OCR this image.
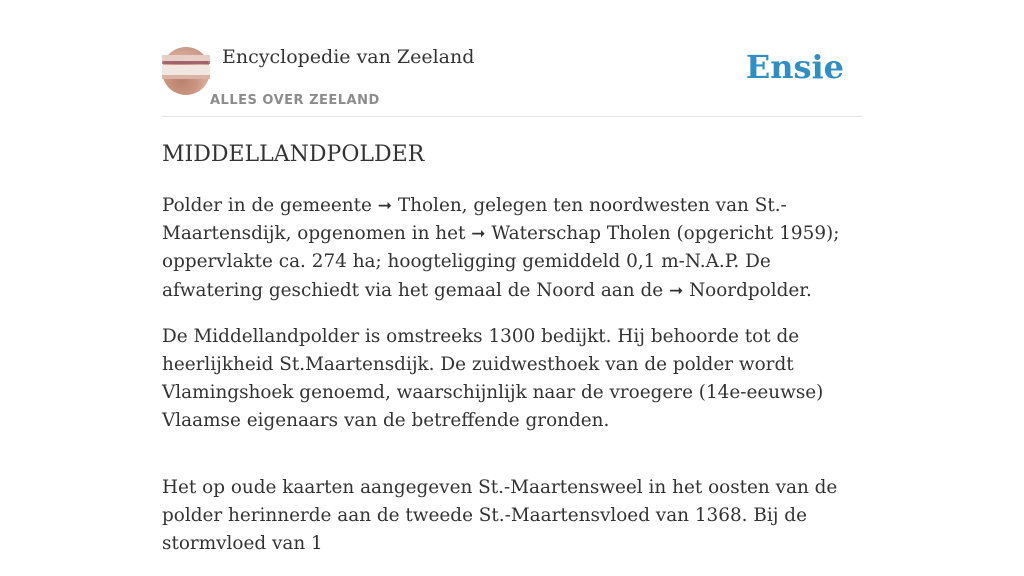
Encyclopedie van Zeeland
ALLES OVER ZEELAND
Ensie
MIDDELLANDPOLDER

Polder in de gemeente ➞ Tholen, gelegen ten noordwesten van St.-Maartensdijk, opgenomen in het ➞ Waterschap Tholen (opgericht 1959); oppervlakte ca. 274 ha; hoogteligging gemiddeld 0,1 m-N.A.P. De afwatering geschiedt via het gemaal de Noord aan de ➞ Noordpolder.

De Middellandpolder is omstreeks 1300 bedijkt. Hij behoorde tot de heerlijkheid St.Maartensdijk. De zuidwesthoek van de polder wordt Vlamingshoek genoemd, waarschijnlijk naar de vroegere (14e-eeuwse) Vlaamse eigenaars van de betreffende gronden.

Het op oude kaarten aangegeven St.-Maartensweel in het oosten van de polder herinnerde aan de tweede St.-Maartensvloed van 1368. Bij de stormvloed van 1
